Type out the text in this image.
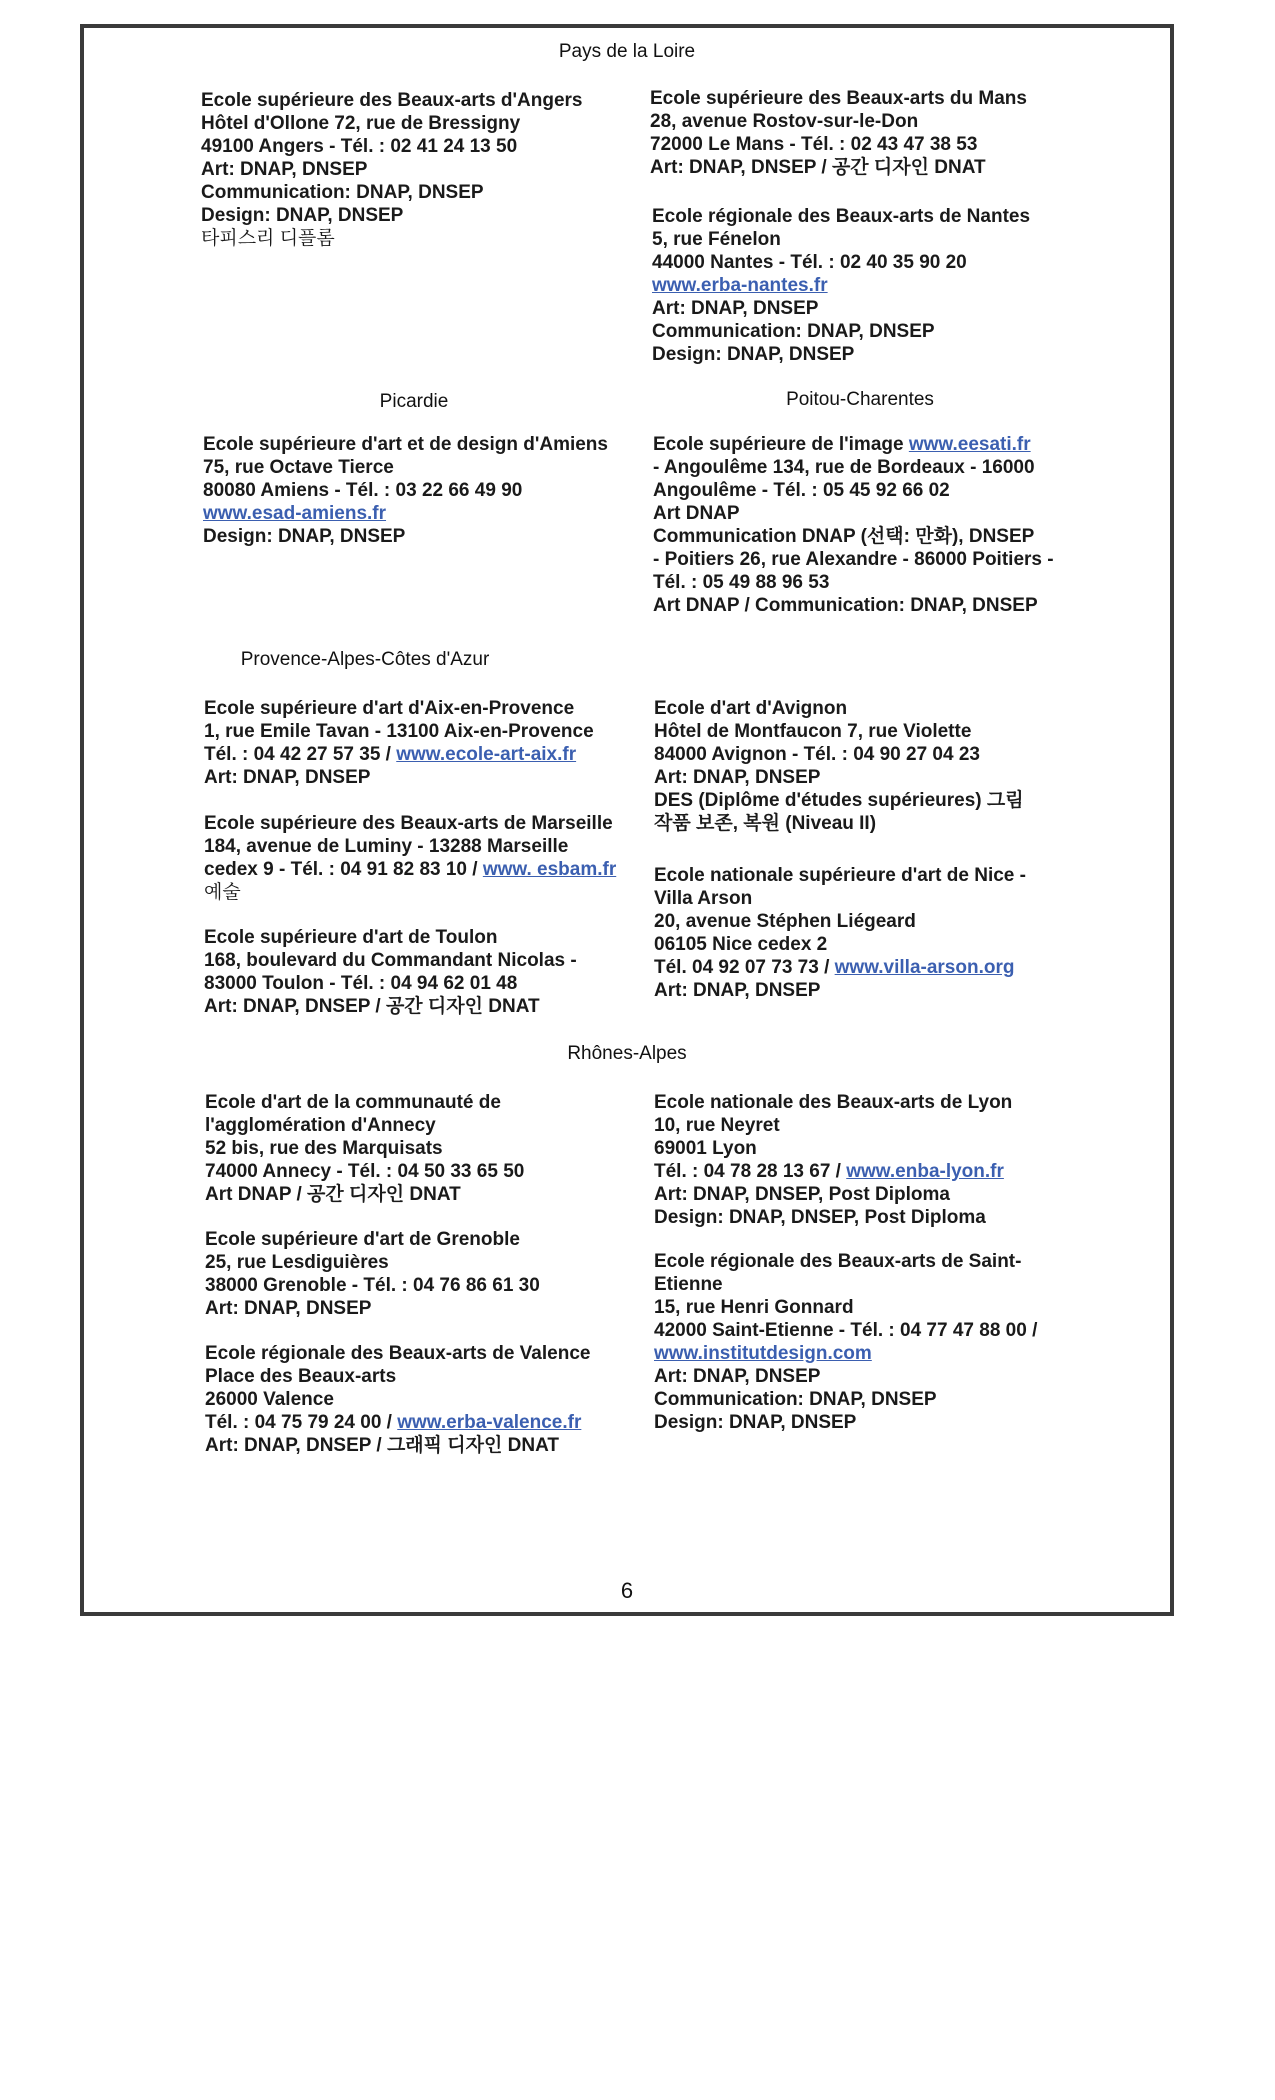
Pays de la Loire
Ecole supérieure des Beaux-arts d'Angers
Hôtel d'Ollone 72, rue de Bressigny
49100 Angers - Tél. : 02 41 24 13 50
Art: DNAP, DNSEP
Communication: DNAP, DNSEP
Design: DNAP, DNSEP
타피스리 디플롬
Ecole supérieure des Beaux-arts du Mans
28, avenue Rostov-sur-le-Don
72000 Le Mans - Tél. : 02 43 47 38 53
Art: DNAP, DNSEP / 공간 디자인 DNAT
Ecole régionale des Beaux-arts de Nantes
5, rue Fénelon
44000 Nantes - Tél. : 02 40 35 90 20
www.erba-nantes.fr
Art: DNAP, DNSEP
Communication: DNAP, DNSEP
Design: DNAP, DNSEP
Picardie	Poitou-Charentes
Ecole supérieure d'art et de design d'Amiens
75, rue Octave Tierce
80080 Amiens - Tél. : 03 22 66 49 90
www.esad-amiens.fr
Design: DNAP, DNSEP
Ecole supérieure de l'image www.eesati.fr
- Angoulême 134, rue de Bordeaux - 16000
Angoulême - Tél. : 05 45 92 66 02
Art DNAP
Communication DNAP (선택: 만화), DNSEP
- Poitiers 26, rue Alexandre - 86000 Poitiers -
Tél. : 05 49 88 96 53
Art DNAP / Communication: DNAP, DNSEP
Provence-Alpes-Côtes d'Azur
Ecole supérieure d'art d'Aix-en-Provence
1, rue Emile Tavan - 13100 Aix-en-Provence
Tél. : 04 42 27 57 35 / www.ecole-art-aix.fr
Art: DNAP, DNSEP
Ecole supérieure des Beaux-arts de Marseille
184, avenue de Luminy - 13288 Marseille
cedex 9 - Tél. : 04 91 82 83 10 / www. esbam.fr
예술
Ecole supérieure d'art de Toulon
168, boulevard du Commandant Nicolas -
83000 Toulon - Tél. : 04 94 62 01 48
Art: DNAP, DNSEP / 공간 디자인 DNAT
Ecole d'art d'Avignon
Hôtel de Montfaucon 7, rue Violette
84000 Avignon - Tél. : 04 90 27 04 23
Art: DNAP, DNSEP
DES (Diplôme d'études supérieures) 그림
작품 보존, 복원 (Niveau II)
Ecole nationale supérieure d'art de Nice -
Villa Arson
20, avenue Stéphen Liégeard
06105 Nice cedex 2
Tél. 04 92 07 73 73 / www.villa-arson.org
Art: DNAP, DNSEP
Rhônes-Alpes
Ecole d'art de la communauté de
l'agglomération d'Annecy
52 bis, rue des Marquisats
74000 Annecy - Tél. : 04 50 33 65 50
Art DNAP / 공간 디자인 DNAT
Ecole supérieure d'art de Grenoble
25, rue Lesdiguières
38000 Grenoble - Tél. : 04 76 86 61 30
Art: DNAP, DNSEP
Ecole régionale des Beaux-arts de Valence
Place des Beaux-arts
26000 Valence
Tél. : 04 75 79 24 00 / www.erba-valence.fr
Art: DNAP, DNSEP / 그래픽 디자인 DNAT
Ecole nationale des Beaux-arts de Lyon
10, rue Neyret
69001 Lyon
Tél. : 04 78 28 13 67 / www.enba-lyon.fr
Art: DNAP, DNSEP, Post Diploma
Design: DNAP, DNSEP, Post Diploma
Ecole régionale des Beaux-arts de Saint-
Etienne
15, rue Henri Gonnard
42000 Saint-Etienne - Tél. : 04 77 47 88 00 /
www.institutdesign.com
Art: DNAP, DNSEP
Communication: DNAP, DNSEP
Design: DNAP, DNSEP
6
